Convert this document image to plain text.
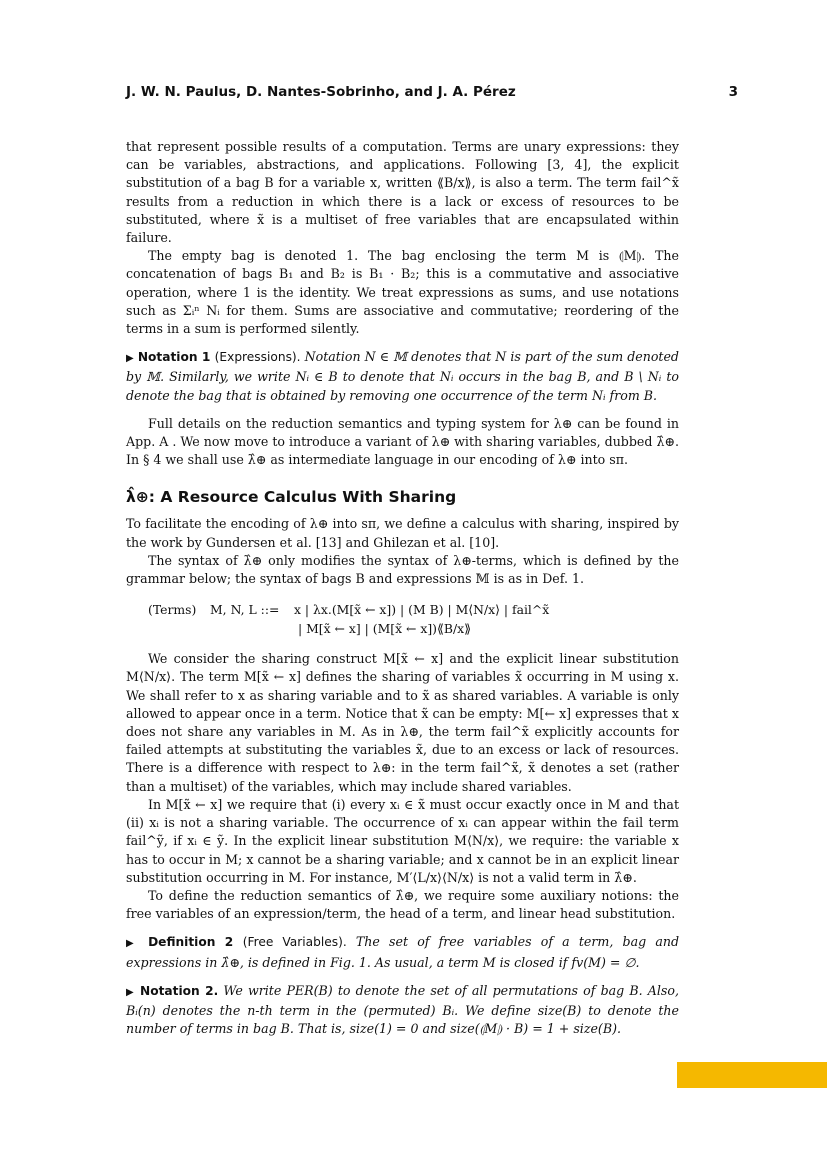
J. W. N. Paulus, D. Nantes-Sobrinho, and J. A. Pérez	3

that represent possible results of a computation. Terms are unary expressions: they can be variables, abstractions, and applications. Following [3, 4], the explicit substitution of a bag B for a variable x, written ⟪B/x⟫, is also a term. The term fail^x̃ results from a reduction in which there is a lack or excess of resources to be substituted, where x̃ is a multiset of free variables that are encapsulated within failure.

The empty bag is denoted 1. The bag enclosing the term M is ⦇M⦈. The concatenation of bags B₁ and B₂ is B₁ · B₂; this is a commutative and associative operation, where 1 is the identity. We treat expressions as sums, and use notations such as Σᵢⁿ Nᵢ for them. Sums are associative and commutative; reordering of the terms in a sum is performed silently.

▶ Notation 1 (Expressions). Notation N ∈ 𝕄 denotes that N is part of the sum denoted by 𝕄. Similarly, we write Nᵢ ∈ B to denote that Nᵢ occurs in the bag B, and B \ Nᵢ to denote the bag that is obtained by removing one occurrence of the term Nᵢ from B.

Full details on the reduction semantics and typing system for λ⊕ can be found in App. A . We now move to introduce a variant of λ⊕ with sharing variables, dubbed λ̂⊕. In § 4 we shall use λ̂⊕ as intermediate language in our encoding of λ⊕ into sπ.

λ̂⊕: A Resource Calculus With Sharing

To facilitate the encoding of λ⊕ into sπ, we define a calculus with sharing, inspired by the work by Gundersen et al. [13] and Ghilezan et al. [10].

The syntax of λ̂⊕ only modifies the syntax of λ⊕-terms, which is defined by the grammar below; the syntax of bags B and expressions 𝕄 is as in Def. 1.

(Terms) M, N, L ::= x | λx.(M[x̃ ← x]) | (M B) | M⟨N/x⟩ | fail^x̃
| M[x̃ ← x] | (M[x̃ ← x])⟪B/x⟫

We consider the sharing construct M[x̃ ← x] and the explicit linear substitution M⟨N/x⟩. The term M[x̃ ← x] defines the sharing of variables x̃ occurring in M using x. We shall refer to x as sharing variable and to x̃ as shared variables. A variable is only allowed to appear once in a term. Notice that x̃ can be empty: M[← x] expresses that x does not share any variables in M. As in λ⊕, the term fail^x̃ explicitly accounts for failed attempts at substituting the variables x̃, due to an excess or lack of resources. There is a difference with respect to λ⊕: in the term fail^x̃, x̃ denotes a set (rather than a multiset) of the variables, which may include shared variables.

In M[x̃ ← x] we require that (i) every xᵢ ∈ x̃ must occur exactly once in M and that (ii) xᵢ is not a sharing variable. The occurrence of xᵢ can appear within the fail term fail^ỹ, if xᵢ ∈ ỹ. In the explicit linear substitution M⟨N/x⟩, we require: the variable x has to occur in M; x cannot be a sharing variable; and x cannot be in an explicit linear substitution occurring in M. For instance, M′⟨L/x⟩⟨N/x⟩ is not a valid term in λ̂⊕.

To define the reduction semantics of λ̂⊕, we require some auxiliary notions: the free variables of an expression/term, the head of a term, and linear head substitution.

▶ Definition 2 (Free Variables). The set of free variables of a term, bag and expressions in λ̂⊕, is defined in Fig. 1. As usual, a term M is closed if fv(M) = ∅.

▶ Notation 2. We write PER(B) to denote the set of all permutations of bag B. Also, Bᵢ(n) denotes the n-th term in the (permuted) Bᵢ. We define size(B) to denote the number of terms in bag B. That is, size(1) = 0 and size(⦇M⦈ · B) = 1 + size(B).
